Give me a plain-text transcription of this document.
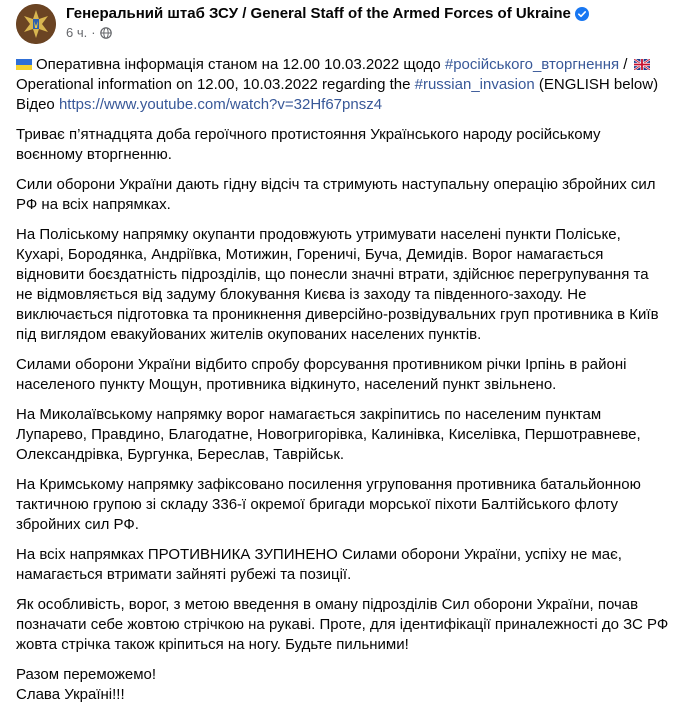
Генеральний штаб ЗСУ / General Staff of the Armed Forces of Ukraine
6 ч. ·
Оперативна інформація станом на 12.00 10.03.2022 щодо #російського_вторгнення /
Operational information on 12.00, 10.03.2022 regarding the #russian_invasion (ENGLISH below)
Відео https://www.youtube.com/watch?v=32Hf67pnsz4
Триває п’ятнадцята доба героїчного протистояння Українського народу російському
воєнному вторгненню.
Сили оборони України дають гідну відсіч та стримують наступальну операцію збройних сил
РФ на всіх напрямках.
На Поліському напрямку окупанти продовжують утримувати населені пункти Поліське,
Кухарі, Бородянка, Андріївка, Мотижин, Гореничі, Буча, Демидів. Ворог намагається
відновити боєздатність підрозділів, що понесли значні втрати, здійснює перегрупування та
не відмовляється від задуму блокування Києва із заходу та південного-заходу. Не
виключається підготовка та проникнення диверсійно-розвідувальних груп противника в Київ
під виглядом евакуйованих жителів окупованих населених пунктів.
Силами оборони України відбито спробу форсування противником річки Ірпінь в районі
населеного пункту Мощун, противника відкинуто, населений пункт звільнено.
На Миколаївському напрямку ворог намагається закріпитись по населеним пунктам
Лупарево, Правдино, Благодатне, Новогригорівка, Калинівка, Киселівка, Першотравневе,
Олександрівка, Бургунка, Береслав, Таврійськ.
На Кримському напрямку зафіксовано посилення угруповання противника батальйонною
тактичною групою зі складу 336-ї окремої бригади морської піхоти Балтійського флоту
збройних сил РФ.
На всіх напрямках ПРОТИВНИКА ЗУПИНЕНО Силами оборони України, успіху не має,
намагається втримати зайняті рубежі та позиції.
Як особливість, ворог, з метою введення в оману підрозділів Сил оборони України, почав
позначати себе жовтою стрічкою на рукаві. Проте, для ідентифікації приналежності до ЗС РФ
жовта стрічка також кріпиться на ногу. Будьте пильними!
Разом переможемо!
Слава Україні!!!
